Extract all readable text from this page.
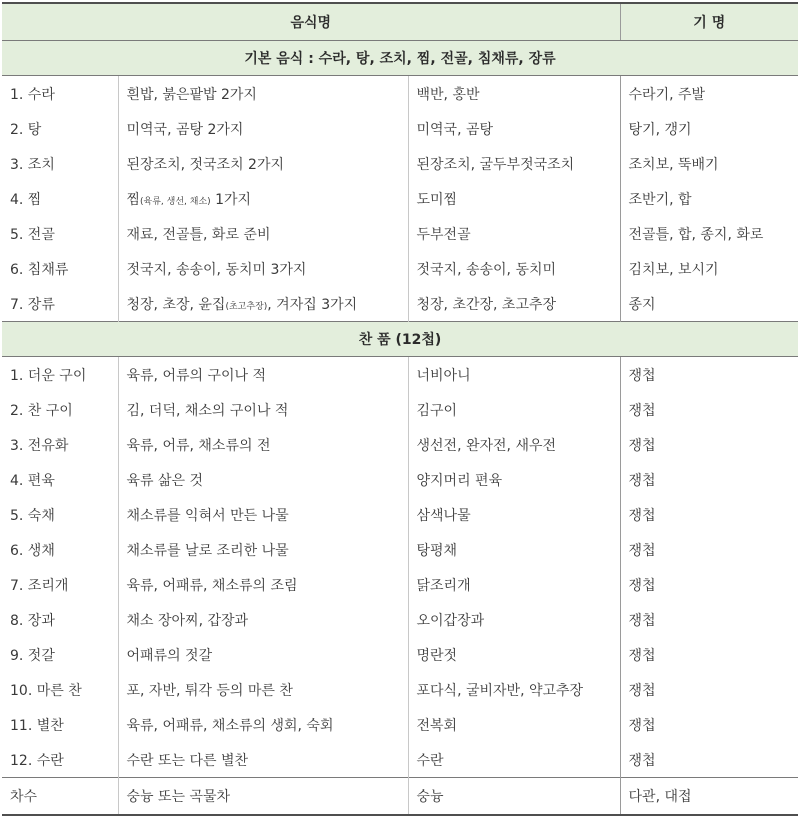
음식명			기 명
기본 음식 : 수라, 탕, 조치, 찜, 전골, 침채류, 장류			
1. 수라	흰밥, 붉은팥밥 2가지	백반, 홍반	수라기, 주발
2. 탕	미역국, 곰탕 2가지	미역국, 곰탕	탕기, 갱기
3. 조치	된장조치, 젓국조치 2가지	된장조치, 굴두부젓국조치	조치보, 뚝배기
4. 찜	찜(육류, 생선, 채소) 1가지	도미찜	조반기, 합
5. 전골	재료, 전골틀, 화로 준비	두부전골	전골틀, 합, 종지, 화로
6. 침채류	젓국지, 송송이, 동치미 3가지	젓국지, 송송이, 동치미	김치보, 보시기
7. 장류	청장, 초장, 윤집(초고추장), 겨자집 3가지	청장, 초간장, 초고추장	종지
찬 품 (12첩)			
1. 더운 구이	육류, 어류의 구이나 적	너비아니	쟁첩
2. 찬 구이	김, 더덕, 채소의 구이나 적	김구이	쟁첩
3. 전유화	육류, 어류, 채소류의 전	생선전, 완자전, 새우전	쟁첩
4. 편육	육류 삶은 것	양지머리 편육	쟁첩
5. 숙채	채소류를 익혀서 만든 나물	삼색나물	쟁첩
6. 생채	채소류를 날로 조리한 나물	탕평채	쟁첩
7. 조리개	육류, 어패류, 채소류의 조림	닭조리개	쟁첩
8. 장과	채소 장아찌, 갑장과	오이갑장과	쟁첩
9. 젓갈	어패류의 젓갈	명란젓	쟁첩
10. 마른 찬	포, 자반, 튀각 등의 마른 찬	포다식, 굴비자반, 약고추장	쟁첩
11. 별찬	육류, 어패류, 채소류의 생회, 숙회	전복회	쟁첩
12. 수란	수란 또는 다른 별찬	수란	쟁첩
차수	숭늉 또는 곡물차	숭늉	다관, 대접
